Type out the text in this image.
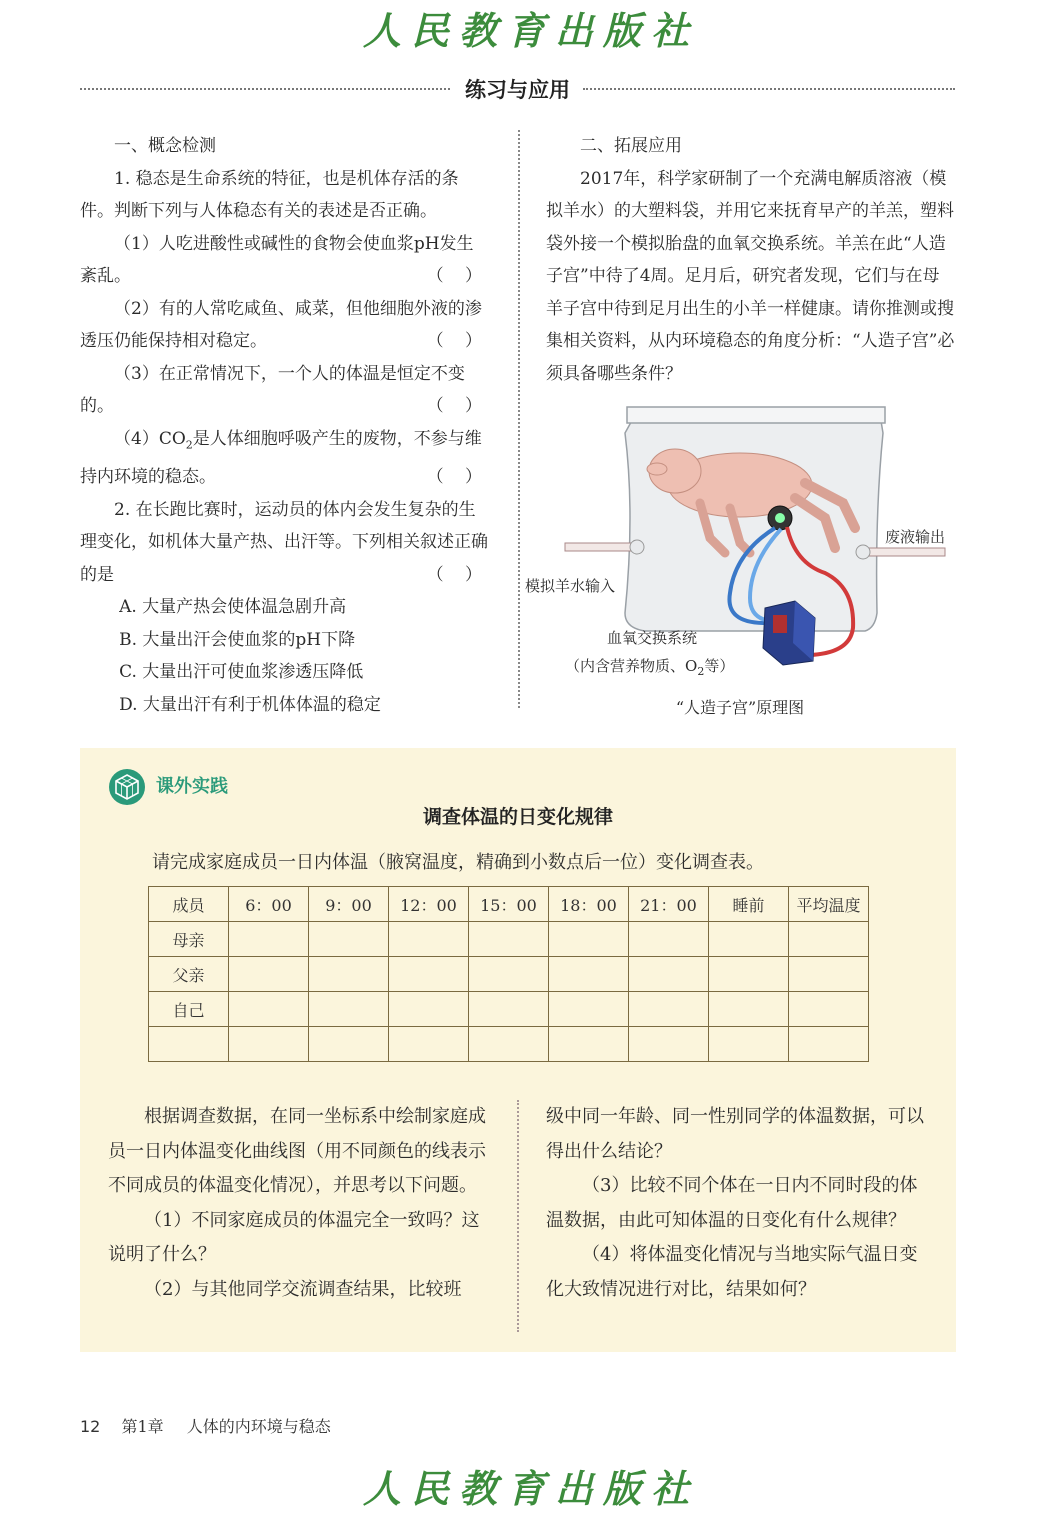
人民教育出版社
练习与应用

一、概念检测

1. 稳态是生命系统的特征，也是机体存活的条件。判断下列与人体稳态有关的表述是否正确。

（1）人吃进酸性或碱性的食物会使血浆pH发生紊乱。	（ ）

（2）有的人常吃咸鱼、咸菜，但他细胞外液的渗透压仍能保持相对稳定。	（ ）

（3）在正常情况下，一个人的体温是恒定不变的。	（ ）

$(4)CO_2$是人体细胞呼吸产生的废物，不参与维持内环境的稳态。	（ ）

2. 在长跑比赛时，运动员的体内会发生复杂的生理变化，如机体大量产热、出汗等。下列相关叙述正确的是	（ ）

A. 大量产热会使体温急剧升高

B. 大量出汗会使血浆的pH下降

C. 大量出汗可使血浆渗透压降低

D. 大量出汗有利于机体体温的稳定

二、拓展应用

2017年，科学家研制了一个充满电解质溶液（模拟羊水）的大塑料袋，并用它来抚育早产的羊羔，塑料袋外接一个模拟胎盘的血氧交换系统。羊羔在此“人造子宫”中待了4周。足月后，研究者发现，它们与在母羊子宫中待到足月出生的小羊一样健康。请你推测或搜集相关资料，从内环境稳态的角度分析：“人造子宫”必须具备哪些条件？

废液输出
模拟羊水输入
血氧交换系统
（内含营养物质、$O_2$等）
“人造子宫”原理图
课外实践
调查体温的日变化规律
请完成家庭成员一日内体温（腋窝温度，精确到小数点后一位）变化调查表。
成员	6：00	9：00	12：00	15：00	18：00	21：00	睡前	平均温度
母亲								
父亲								
自己								

根据调查数据，在同一坐标系中绘制家庭成员一日内体温变化曲线图（用不同颜色的线表示不同成员的体温变化情况），并思考以下问题。

（1）不同家庭成员的体温完全一致吗？这说明了什么？

（2）与其他同学交流调查结果，比较班

级中同一年龄、同一性别同学的体温数据，可以得出什么结论？

（3）比较不同个体在一日内不同时段的体温数据，由此可知体温的日变化有什么规律？

（4）将体温变化情况与当地实际气温日变化大致情况进行对比，结果如何？

12 第1章 人体的内环境与稳态
人民教育出版社
